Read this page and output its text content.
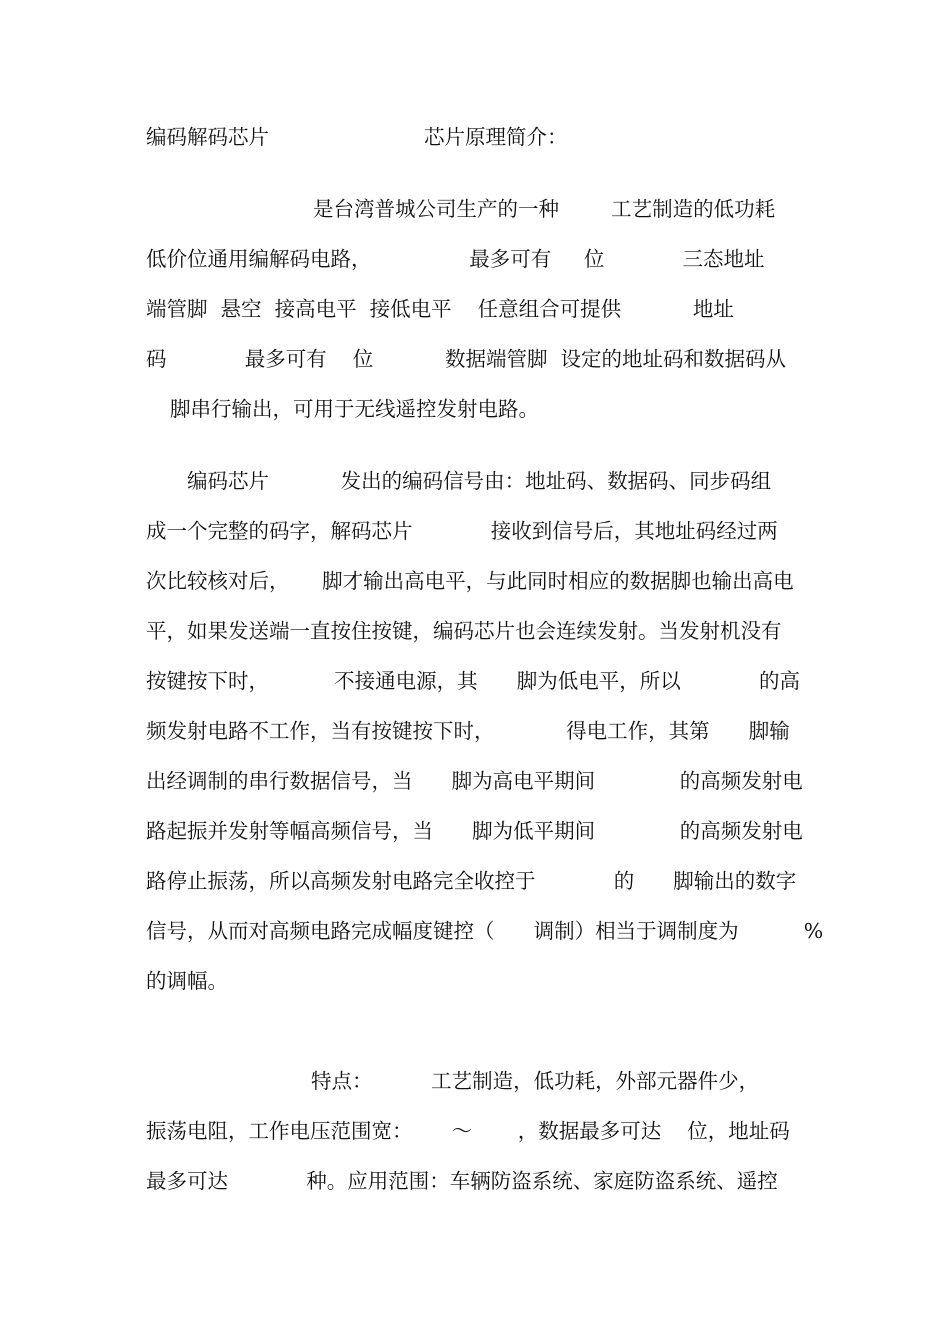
编码解码芯片	芯片原理简介：
是台湾普城公司生产的一种        工艺制造的低功耗
低价位通用编解码电路，               最多可有     位            三态地址
端管脚  悬空  接高电平  接低电平    任意组合可提供           地址
码            最多可有    位           数据端管脚  设定的地址码和数据码从
脚串行输出，可用于无线遥控发射电路。
编码芯片           发出的编码信号由：地址码、数据码、同步码组
成一个完整的码字，解码芯片            接收到信号后，其地址码经过两
次比较核对后，     脚才输出高电平，与此同时相应的数据脚也输出高电
平，如果发送端一直按住按键，编码芯片也会连续发射。当发射机没有
按键按下时，          不接通电源，其      脚为低电平，所以            的高
频发射电路不工作，当有按键按下时，           得电工作，其第      脚输
出经调制的串行数据信号，当      脚为高电平期间             的高频发射电
路起振并发射等幅高频信号，当      脚为低平期间             的高频发射电
路停止振荡，所以高频发射电路完全收控于            的      脚输出的数字
信号，从而对高频电路完成幅度键控（      调制）相当于调制度为          %
的调幅。
特点：         工艺制造，低功耗，外部元器件少，
振荡电阻，工作电压范围宽：      ～       ，数据最多可达    位，地址码
最多可达            种。应用范围：车辆防盗系统、家庭防盗系统、遥控
